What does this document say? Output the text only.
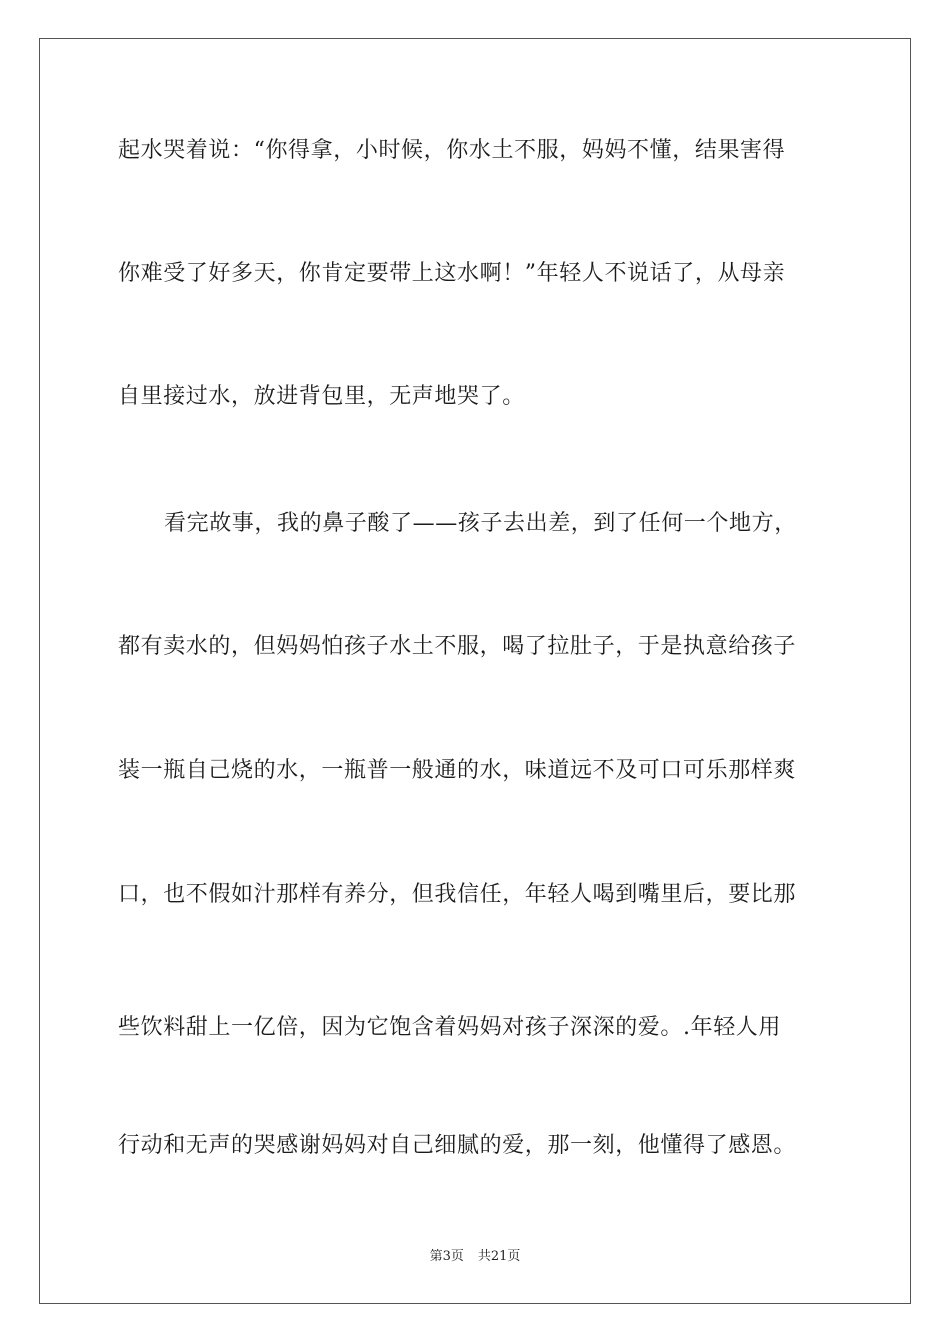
起水哭着说：“你得拿，小时候，你水土不服，妈妈不懂，结果害得
你难受了好多天，你肯定要带上这水啊！”年轻人不说话了，从母亲
自里接过水，放进背包里，无声地哭了。
看完故事，我的鼻子酸了——孩子去出差，到了任何一个地方，
都有卖水的，但妈妈怕孩子水土不服，喝了拉肚子，于是执意给孩子
装一瓶自己烧的水，一瓶普一般通的水，味道远不及可口可乐那样爽
口，也不假如汁那样有养分，但我信任，年轻人喝到嘴里后，要比那
些饮料甜上一亿倍，因为它饱含着妈妈对孩子深深的爱。.年轻人用
行动和无声的哭感谢妈妈对自己细腻的爱，那一刻，他懂得了感恩。
第3页 共21页
